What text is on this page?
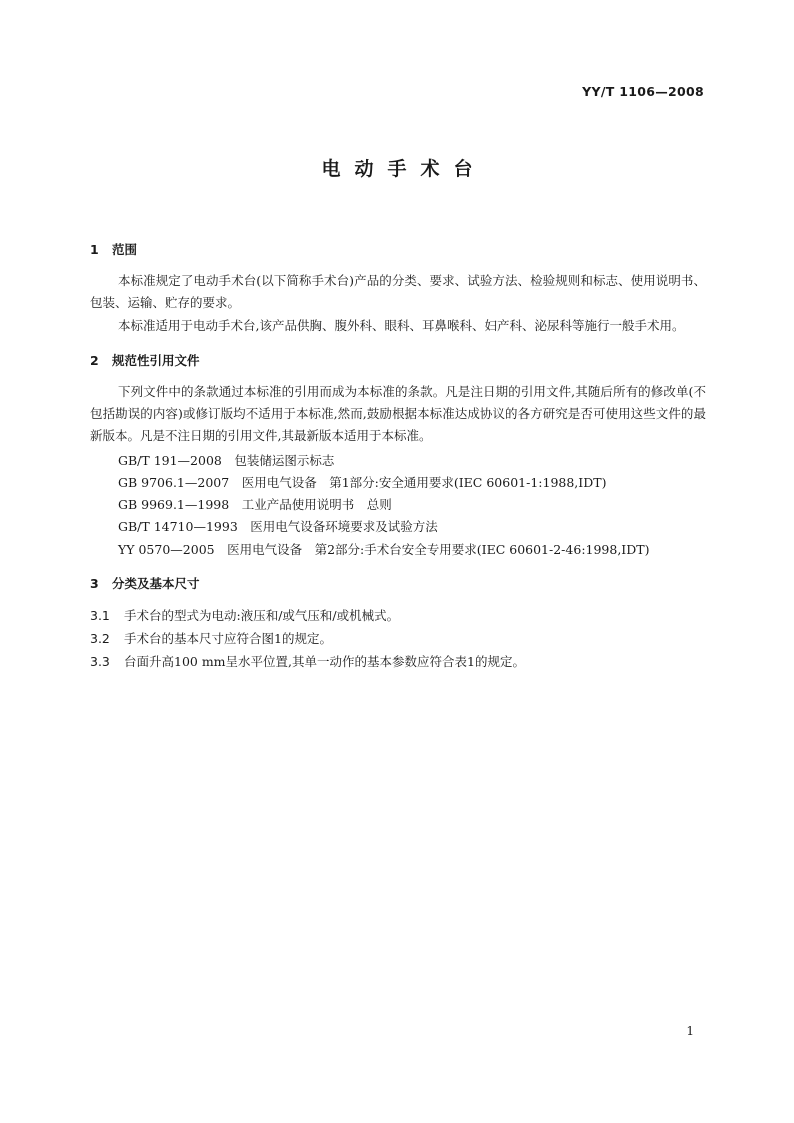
YY/T 1106—2008
电动手术台
1 范围
本标准规定了电动手术台(以下简称手术台)产品的分类、要求、试验方法、检验规则和标志、使用说明书、包装、运输、贮存的要求。
本标准适用于电动手术台,该产品供胸、腹外科、眼科、耳鼻喉科、妇产科、泌尿科等施行一般手术用。
2 规范性引用文件
下列文件中的条款通过本标准的引用而成为本标准的条款。凡是注日期的引用文件,其随后所有的修改单(不包括勘误的内容)或修订版均不适用于本标准,然而,鼓励根据本标准达成协议的各方研究是否可使用这些文件的最新版本。凡是不注日期的引用文件,其最新版本适用于本标准。
GB/T 191—2008　包装储运图示标志
GB 9706.1—2007　医用电气设备　第1部分:安全通用要求(IEC 60601-1:1988,IDT)
GB 9969.1—1998　工业产品使用说明书　总则
GB/T 14710—1993　医用电气设备环境要求及试验方法
YY 0570—2005　医用电气设备　第2部分:手术台安全专用要求(IEC 60601-2-46:1998,IDT)
3 分类及基本尺寸
3.1 手术台的型式为电动:液压和/或气压和/或机械式。
3.2 手术台的基本尺寸应符合图1的规定。
3.3 台面升高100 mm呈水平位置,其单一动作的基本参数应符合表1的规定。
1
